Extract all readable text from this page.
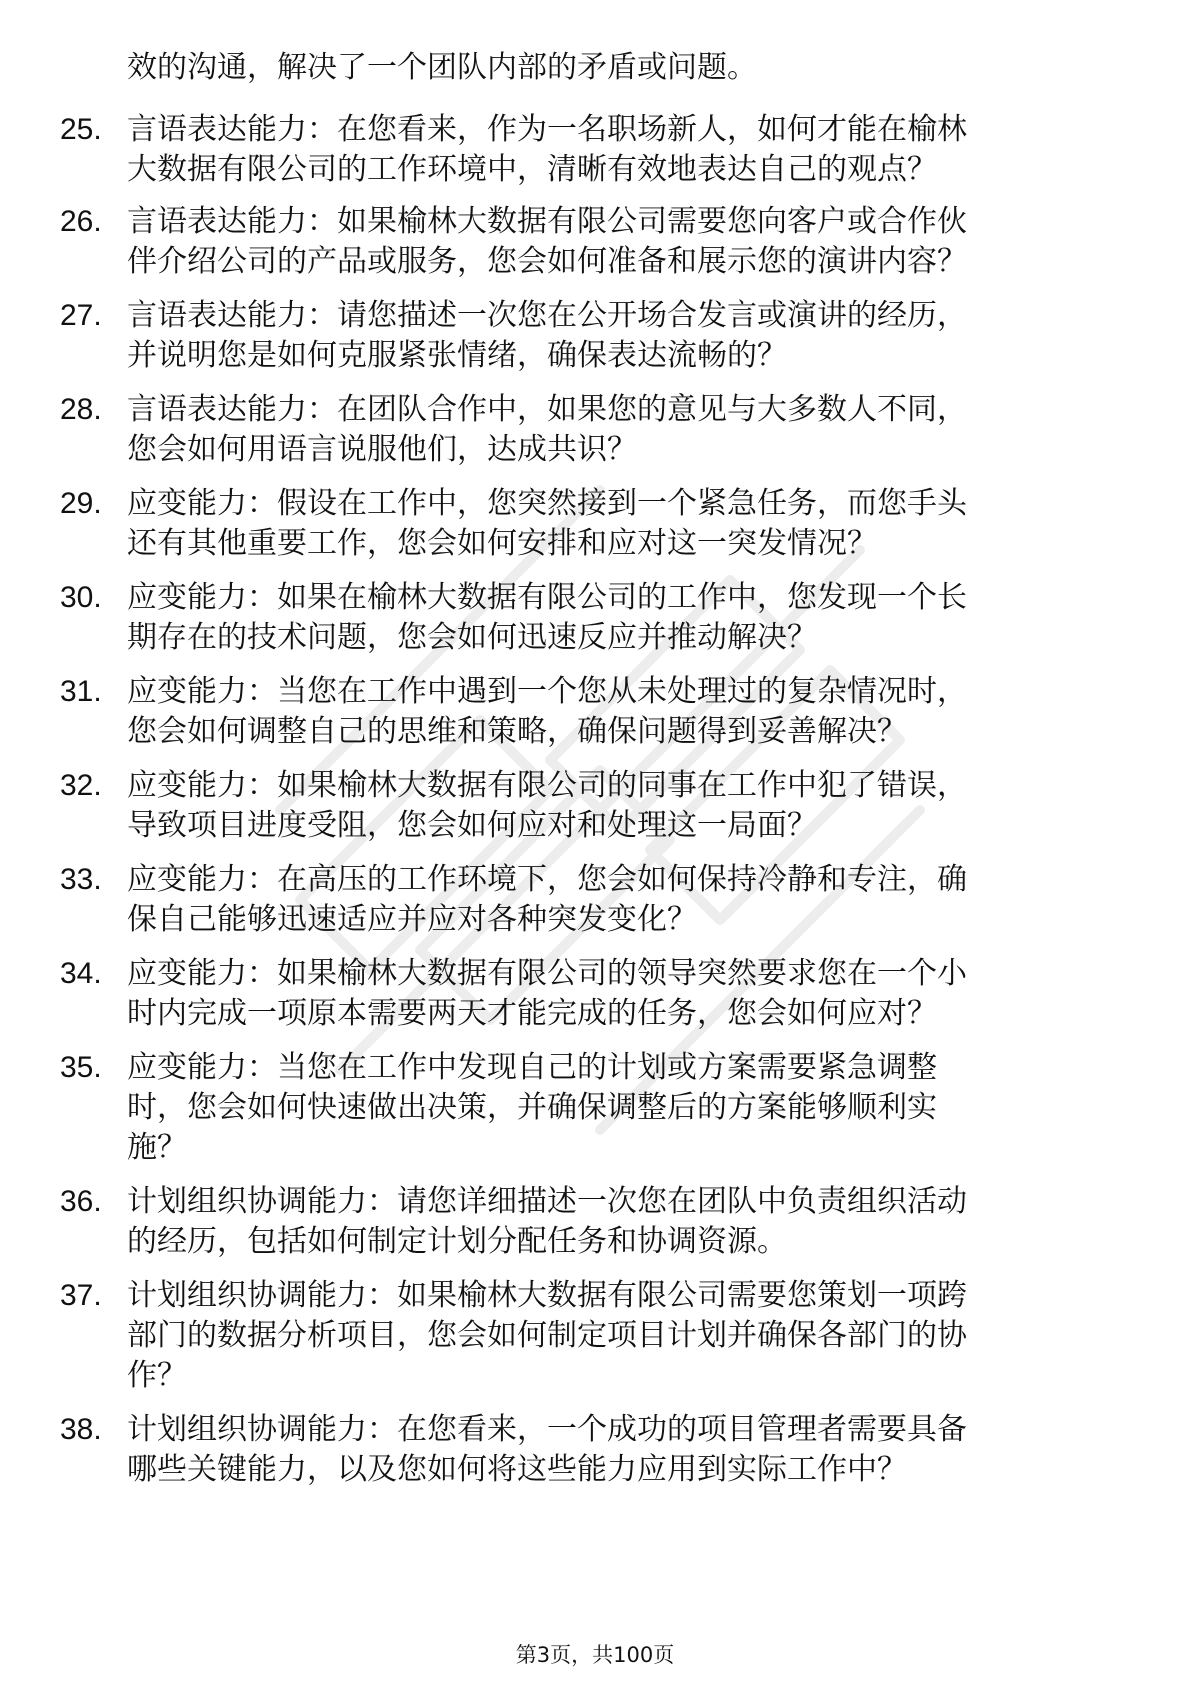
效的沟通，解决了一个团队内部的矛盾或问题。
25. 言语表达能力：在您看来，作为一名职场新人，如何才能在榆林
大数据有限公司的工作环境中，清晰有效地表达自己的观点？
26. 言语表达能力：如果榆林大数据有限公司需要您向客户或合作伙
伴介绍公司的产品或服务，您会如何准备和展示您的演讲内容？
27. 言语表达能力：请您描述一次您在公开场合发言或演讲的经历，
并说明您是如何克服紧张情绪，确保表达流畅的？
28. 言语表达能力：在团队合作中，如果您的意见与大多数人不同，
您会如何用语言说服他们，达成共识？
29. 应变能力：假设在工作中，您突然接到一个紧急任务，而您手头
还有其他重要工作，您会如何安排和应对这一突发情况？
30. 应变能力：如果在榆林大数据有限公司的工作中，您发现一个长
期存在的技术问题，您会如何迅速反应并推动解决？
31. 应变能力：当您在工作中遇到一个您从未处理过的复杂情况时，
您会如何调整自己的思维和策略，确保问题得到妥善解决？
32. 应变能力：如果榆林大数据有限公司的同事在工作中犯了错误，
导致项目进度受阻，您会如何应对和处理这一局面？
33. 应变能力：在高压的工作环境下，您会如何保持冷静和专注，确
保自己能够迅速适应并应对各种突发变化？
34. 应变能力：如果榆林大数据有限公司的领导突然要求您在一个小
时内完成一项原本需要两天才能完成的任务，您会如何应对？
35. 应变能力：当您在工作中发现自己的计划或方案需要紧急调整
时，您会如何快速做出决策，并确保调整后的方案能够顺利实
施？
36. 计划组织协调能力：请您详细描述一次您在团队中负责组织活动
的经历，包括如何制定计划分配任务和协调资源。
37. 计划组织协调能力：如果榆林大数据有限公司需要您策划一项跨
部门的数据分析项目，您会如何制定项目计划并确保各部门的协
作？
38. 计划组织协调能力：在您看来，一个成功的项目管理者需要具备
哪些关键能力，以及您如何将这些能力应用到实际工作中？
第3页，共100页
